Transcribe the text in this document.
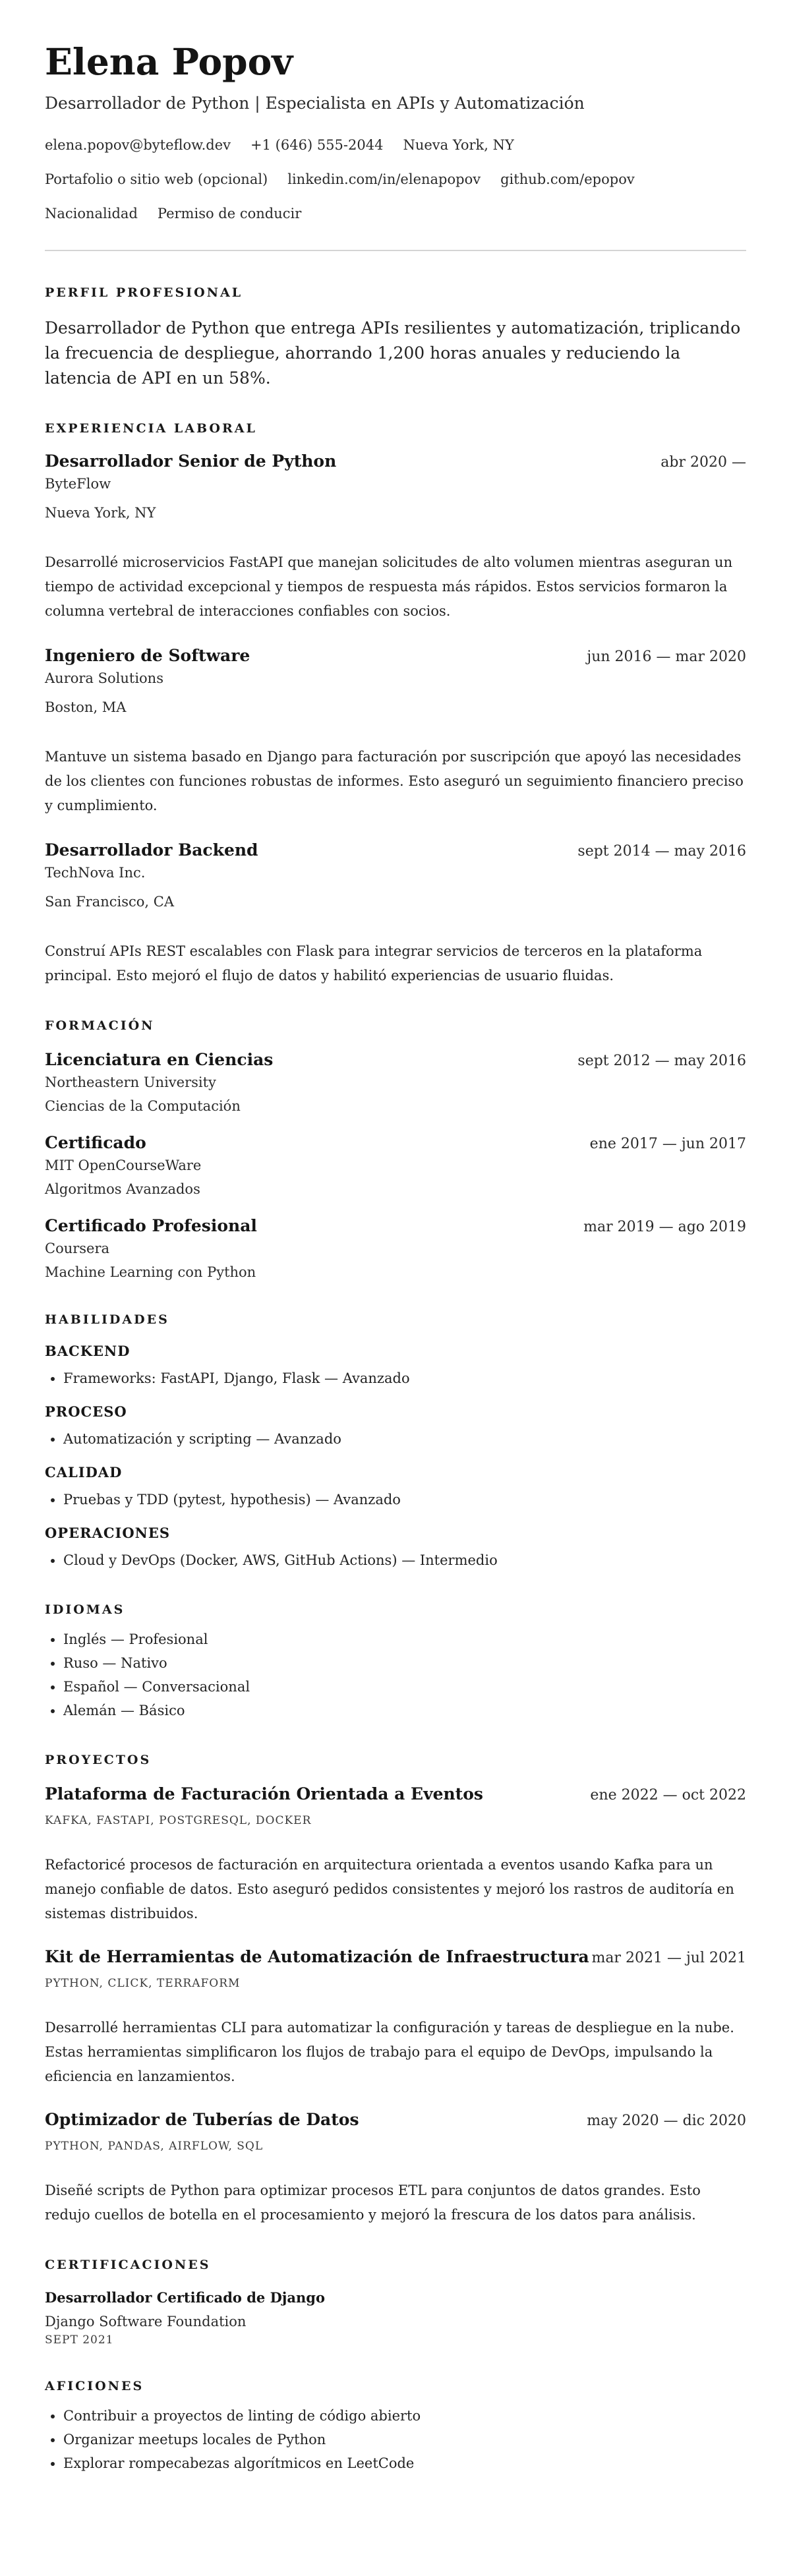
Elena Popov
Desarrollador de Python | Especialista en APIs y Automatización
elena.popov@byteflow.dev +1 (646) 555-2044 Nueva York, NY
Portafolio o sitio web (opcional) linkedin.com/in/elenapopov github.com/epopov
Nacionalidad Permiso de conducir
PERFIL PROFESIONAL
Desarrollador de Python que entrega APIs resilientes y automatización, triplicando la frecuencia de despliegue, ahorrando 1,200 horas anuales y reduciendo la latencia de API en un 58%.
EXPERIENCIA LABORAL
Desarrollador Senior de Python	abr 2020 —
ByteFlow
Nueva York, NY
Desarrollé microservicios FastAPI que manejan solicitudes de alto volumen mientras aseguran un tiempo de actividad excepcional y tiempos de respuesta más rápidos. Estos servicios formaron la columna vertebral de interacciones confiables con socios.
Ingeniero de Software	jun 2016 — mar 2020
Aurora Solutions
Boston, MA
Mantuve un sistema basado en Django para facturación por suscripción que apoyó las necesidades de los clientes con funciones robustas de informes. Esto aseguró un seguimiento financiero preciso y cumplimiento.
Desarrollador Backend	sept 2014 — may 2016
TechNova Inc.
San Francisco, CA
Construí APIs REST escalables con Flask para integrar servicios de terceros en la plataforma principal. Esto mejoró el flujo de datos y habilitó experiencias de usuario fluidas.
FORMACIÓN
Licenciatura en Ciencias	sept 2012 — may 2016
Northeastern University
Ciencias de la Computación
Certificado	ene 2017 — jun 2017
MIT OpenCourseWare
Algoritmos Avanzados
Certificado Profesional	mar 2019 — ago 2019
Coursera
Machine Learning con Python
HABILIDADES
BACKEND
• Frameworks: FastAPI, Django, Flask — Avanzado
PROCESO
• Automatización y scripting — Avanzado
CALIDAD
• Pruebas y TDD (pytest, hypothesis) — Avanzado
OPERACIONES
• Cloud y DevOps (Docker, AWS, GitHub Actions) — Intermedio
IDIOMAS
• Inglés — Profesional
• Ruso — Nativo
• Español — Conversacional
• Alemán — Básico
PROYECTOS
Plataforma de Facturación Orientada a Eventos	ene 2022 — oct 2022
KAFKA, FASTAPI, POSTGRESQL, DOCKER
Refactoricé procesos de facturación en arquitectura orientada a eventos usando Kafka para un manejo confiable de datos. Esto aseguró pedidos consistentes y mejoró los rastros de auditoría en sistemas distribuidos.
Kit de Herramientas de Automatización de Infraestructura mar 2021 — jul 2021
PYTHON, CLICK, TERRAFORM
Desarrollé herramientas CLI para automatizar la configuración y tareas de despliegue en la nube. Estas herramientas simplificaron los flujos de trabajo para el equipo de DevOps, impulsando la eficiencia en lanzamientos.
Optimizador de Tuberías de Datos	may 2020 — dic 2020
PYTHON, PANDAS, AIRFLOW, SQL
Diseñé scripts de Python para optimizar procesos ETL para conjuntos de datos grandes. Esto redujo cuellos de botella en el procesamiento y mejoró la frescura de los datos para análisis.
CERTIFICACIONES
Desarrollador Certificado de Django
Django Software Foundation
SEPT 2021
AFICIONES
• Contribuir a proyectos de linting de código abierto
• Organizar meetups locales de Python
• Explorar rompecabezas algorítmicos en LeetCode
